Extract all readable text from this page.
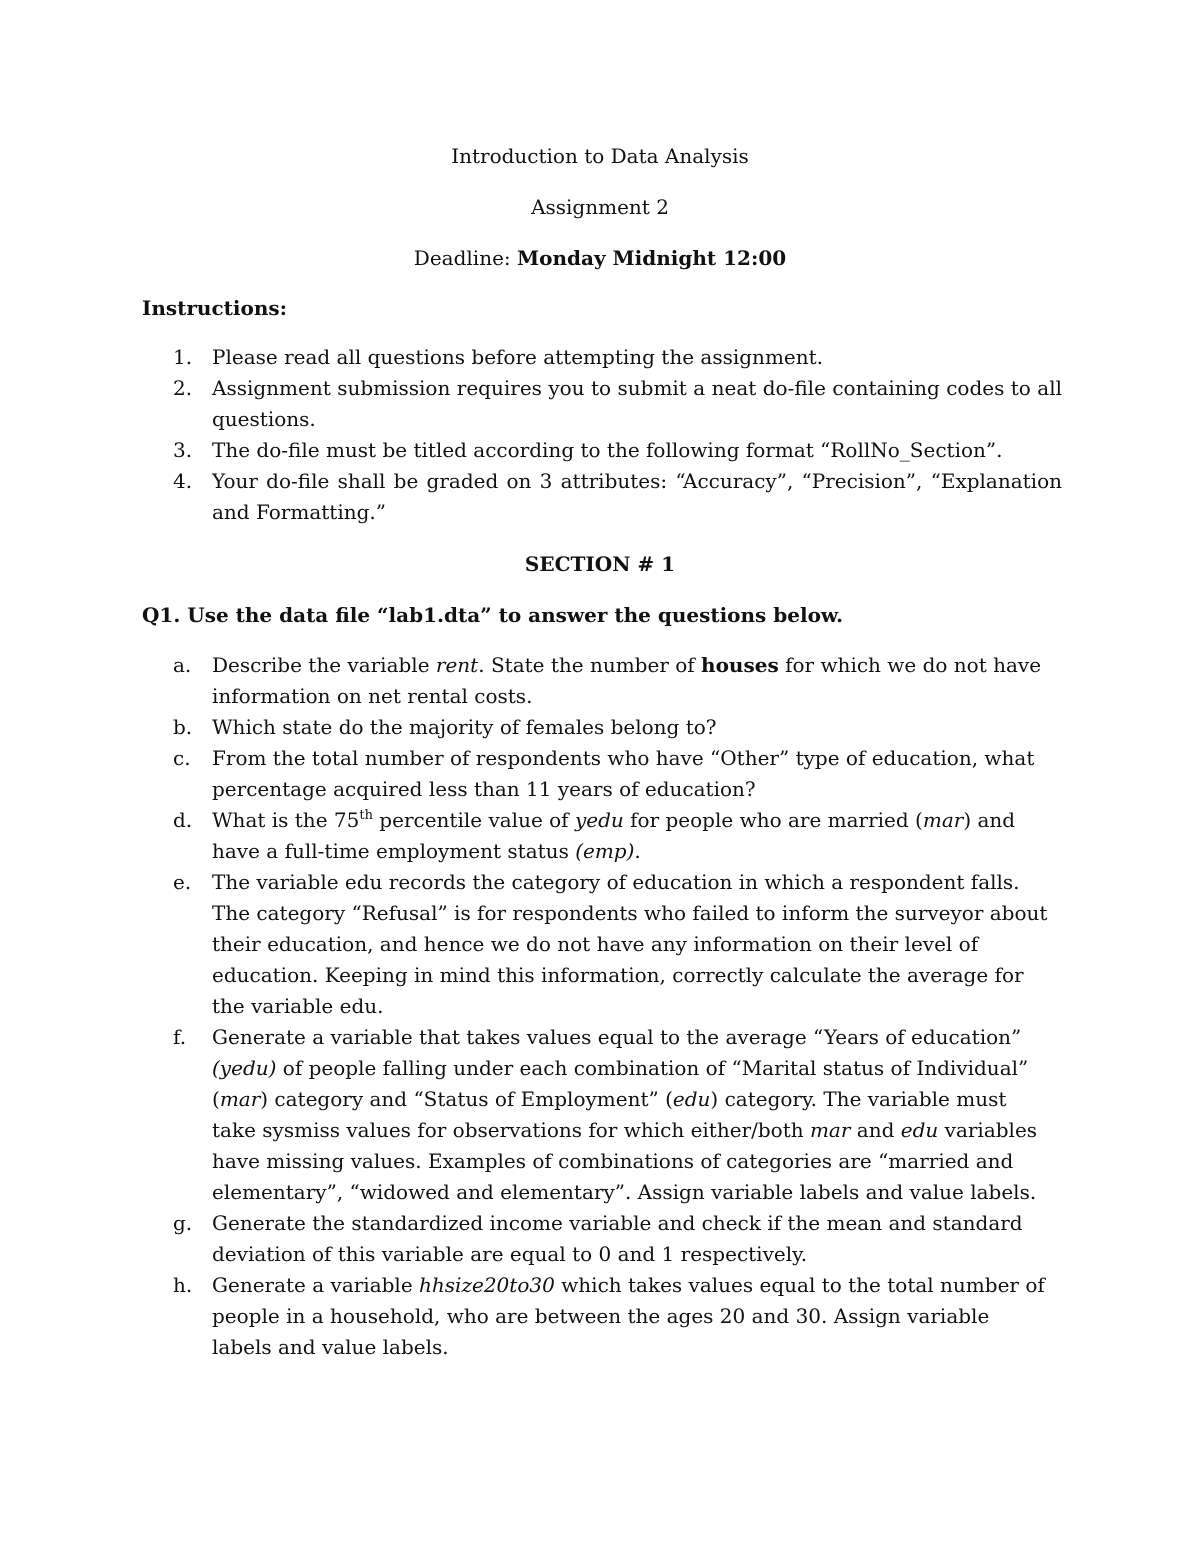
Introduction to Data Analysis
Assignment 2
Deadline: Monday Midnight 12:00
Instructions:
1. Please read all questions before attempting the assignment.
2. Assignment submission requires you to submit a neat do-file containing codes to all questions.
3. The do-file must be titled according to the following format “RollNo_Section”.
4. Your do-file shall be graded on 3 attributes: “Accuracy”, “Precision”, “Explanation and Formatting.”
SECTION # 1
Q1. Use the data file “lab1.dta” to answer the questions below.
a. Describe the variable rent. State the number of houses for which we do not have information on net rental costs.
b. Which state do the majority of females belong to?
c. From the total number of respondents who have “Other” type of education, what percentage acquired less than 11 years of education?
d. What is the 75th percentile value of yedu for people who are married (mar) and have a full-time employment status (emp).
e. The variable edu records the category of education in which a respondent falls. The category “Refusal” is for respondents who failed to inform the surveyor about their education, and hence we do not have any information on their level of education. Keeping in mind this information, correctly calculate the average for the variable edu.
f. Generate a variable that takes values equal to the average “Years of education” (yedu) of people falling under each combination of “Marital status of Individual” (mar) category and “Status of Employment” (edu) category. The variable must take sysmiss values for observations for which either/both mar and edu variables have missing values. Examples of combinations of categories are “married and elementary”, “widowed and elementary”. Assign variable labels and value labels.
g. Generate the standardized income variable and check if the mean and standard deviation of this variable are equal to 0 and 1 respectively.
h. Generate a variable hhsize20to30 which takes values equal to the total number of people in a household, who are between the ages 20 and 30. Assign variable labels and value labels.
